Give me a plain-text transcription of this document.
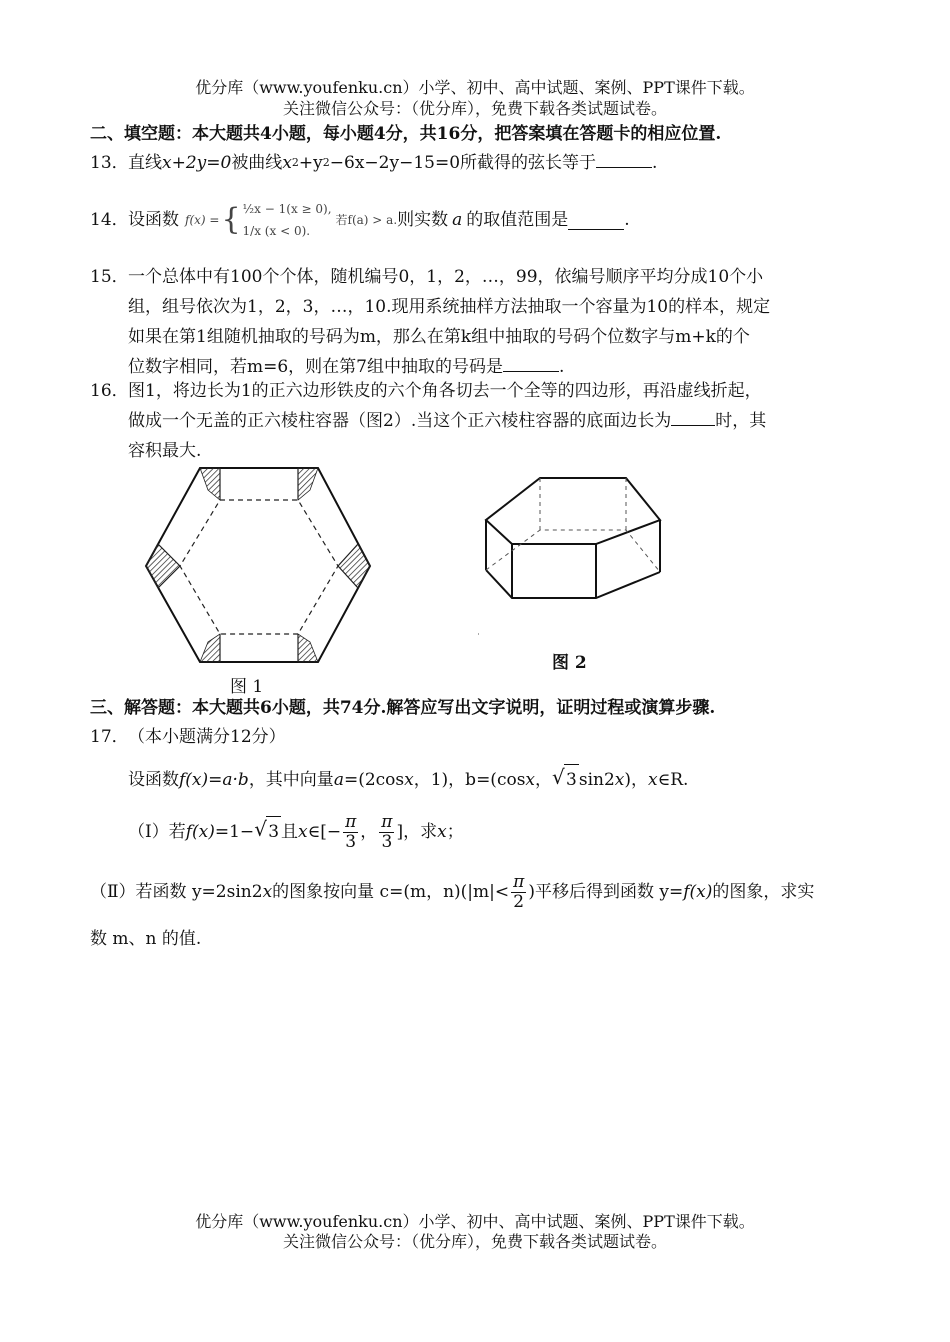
优分库（www.youfenku.cn）小学、初中、高中试题、案例、PPT课件下载。
关注微信公众号：（优分库），免费下载各类试题试卷。
二、填空题：本大题共4小题，每小题4分，共16分，把答案填在答题卡的相应位置.
13．直线x+2y=0被曲线$x^2+y^2-6x-2y-15=0$所截得的弦长等于	.
14． 设函数 f(x) = { ½x − 1(x ≥ 0),
1/x (x < 0).
若f(a) > a. 则实数 a 的取值范围是	.
15．一个总体中有100个个体，随机编号0，1，2，…，99，依编号顺序平均分成10个小
组，组号依次为1，2，3，…，10.现用系统抽样方法抽取一个容量为10的样本，规定
如果在第1组随机抽取的号码为m，那么在第k组中抽取的号码个位数字与m+k的个
位数字相同，若m=6，则在第7组中抽取的号码是	.
16．图1，将边长为1的正六边形铁皮的六个角各切去一个全等的四边形，再沿虚线折起，
做成一个无盖的正六棱柱容器（图2）.当这个正六棱柱容器的底面边长为	时，其
容积最大.
图 1
图 2
三、解答题：本大题共6小题，共74分.解答应写出文字说明，证明过程或演算步骤.
17．（本小题满分12分）
设函数f(x)=a·b，其中向量a=(2cosx，1)，b=(cosx， √ 3 sin2x)，x∈R.
（Ⅰ）若f(x)=1− √ 3 且x∈[− $\frac{\pi}{3}$ ， $\frac{\pi}{3}$ ]，求x；
（Ⅱ）若函数 y=2sin2x的图象按向量 c=(m，$n)(|m|< \frac{\pi}{2}$ )平移后得到函数 y=f(x)的图象，求实
数 m、n 的值.
优分库（www.youfenku.cn）小学、初中、高中试题、案例、PPT课件下载。
关注微信公众号：（优分库），免费下载各类试题试卷。
